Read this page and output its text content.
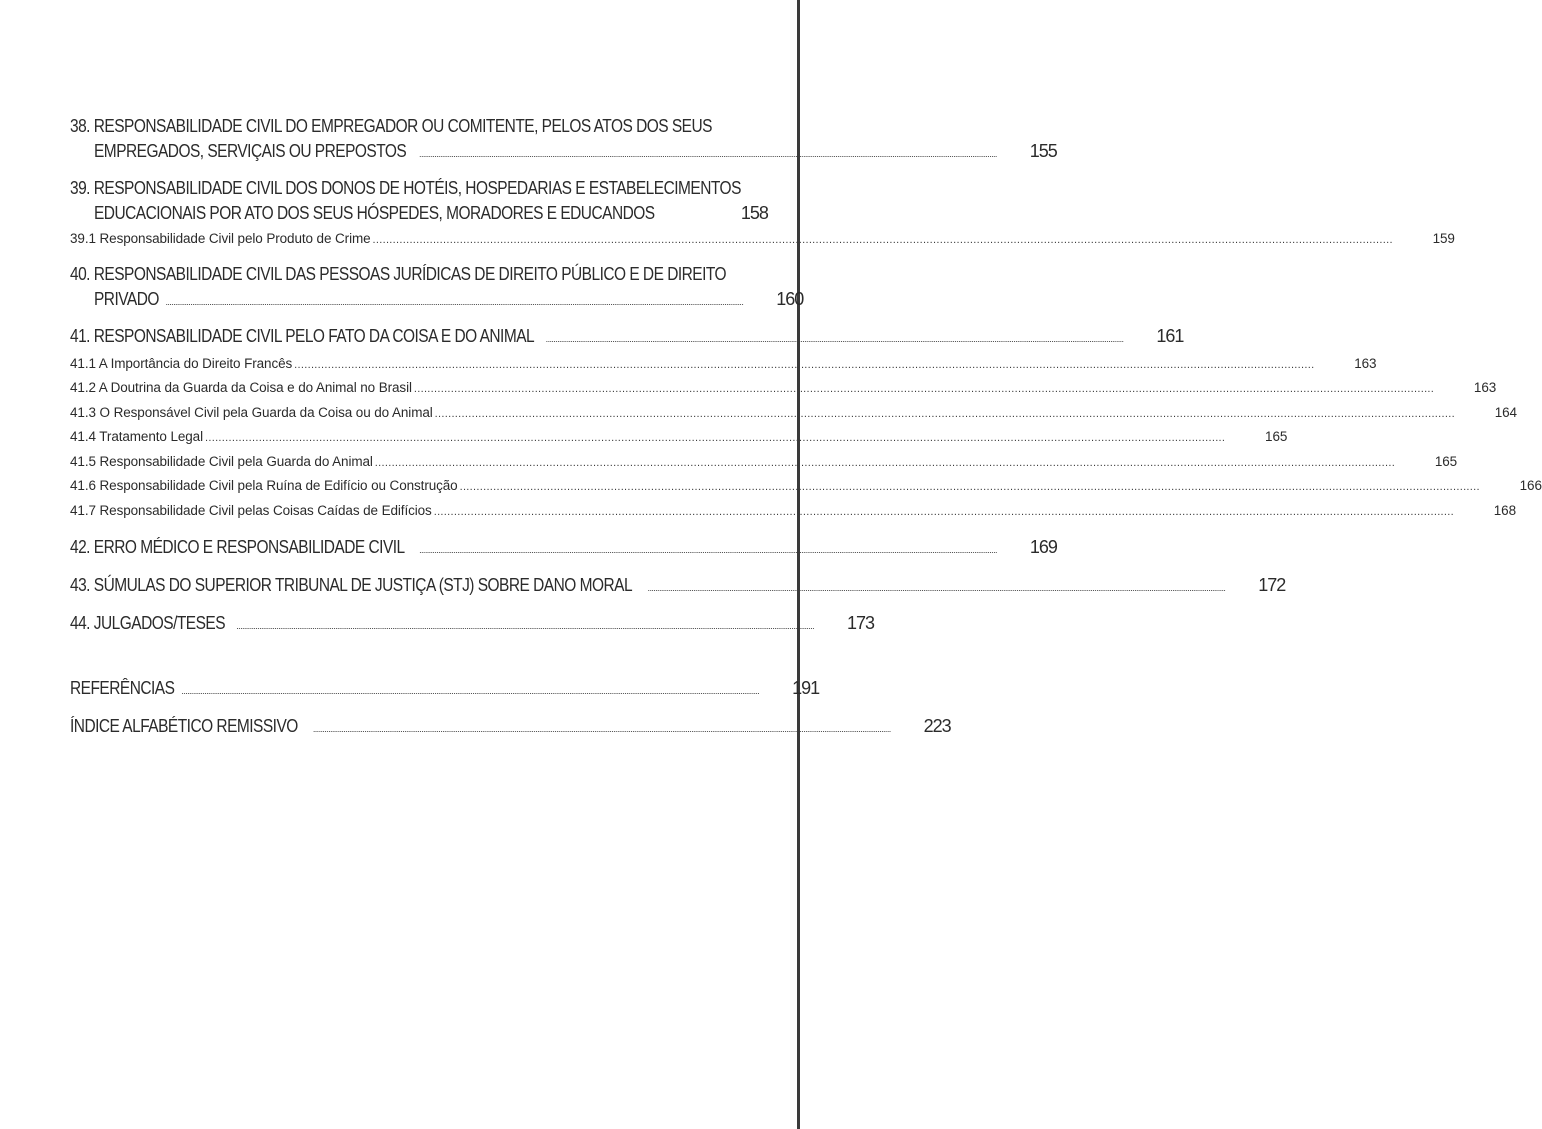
38. RESPONSABILIDADE CIVIL DO EMPREGADOR OU COMITENTE, PELOS ATOS DOS SEUS
EMPREGADOS, SERVIÇAIS OU PREPOSTOS .....	155
39. RESPONSABILIDADE CIVIL DOS DONOS DE HOTÉIS, HOSPEDARIAS E ESTABELECIMENTOS
EDUCACIONAIS POR ATO DOS SEUS HÓSPEDES, MORADORES E EDUCANDOS	158
39.1 Responsabilidade Civil pelo Produto de Crime .....	159
40. RESPONSABILIDADE CIVIL DAS PESSOAS JURÍDICAS DE DIREITO PÚBLICO E DE DIREITO
PRIVADO .....	160
41. RESPONSABILIDADE CIVIL PELO FATO DA COISA E DO ANIMAL .....	161
41.1 A Importância do Direito Francês .....	163
41.2 A Doutrina da Guarda da Coisa e do Animal no Brasil .....	163
41.3 O Responsável Civil pela Guarda da Coisa ou do Animal .....	164
41.4 Tratamento Legal .....	165
41.5 Responsabilidade Civil pela Guarda do Animal .....	165
41.6 Responsabilidade Civil pela Ruína de Edifício ou Construção .....	166
41.7 Responsabilidade Civil pelas Coisas Caídas de Edifícios .....	168
42. ERRO MÉDICO E RESPONSABILIDADE CIVIL .....	169
43. SÚMULAS DO SUPERIOR TRIBUNAL DE JUSTIÇA (STJ) SOBRE DANO MORAL .....	172
44. JULGADOS/TESES .....	173
REFERÊNCIAS .....	191
ÍNDICE ALFABÉTICO REMISSIVO .....	223
